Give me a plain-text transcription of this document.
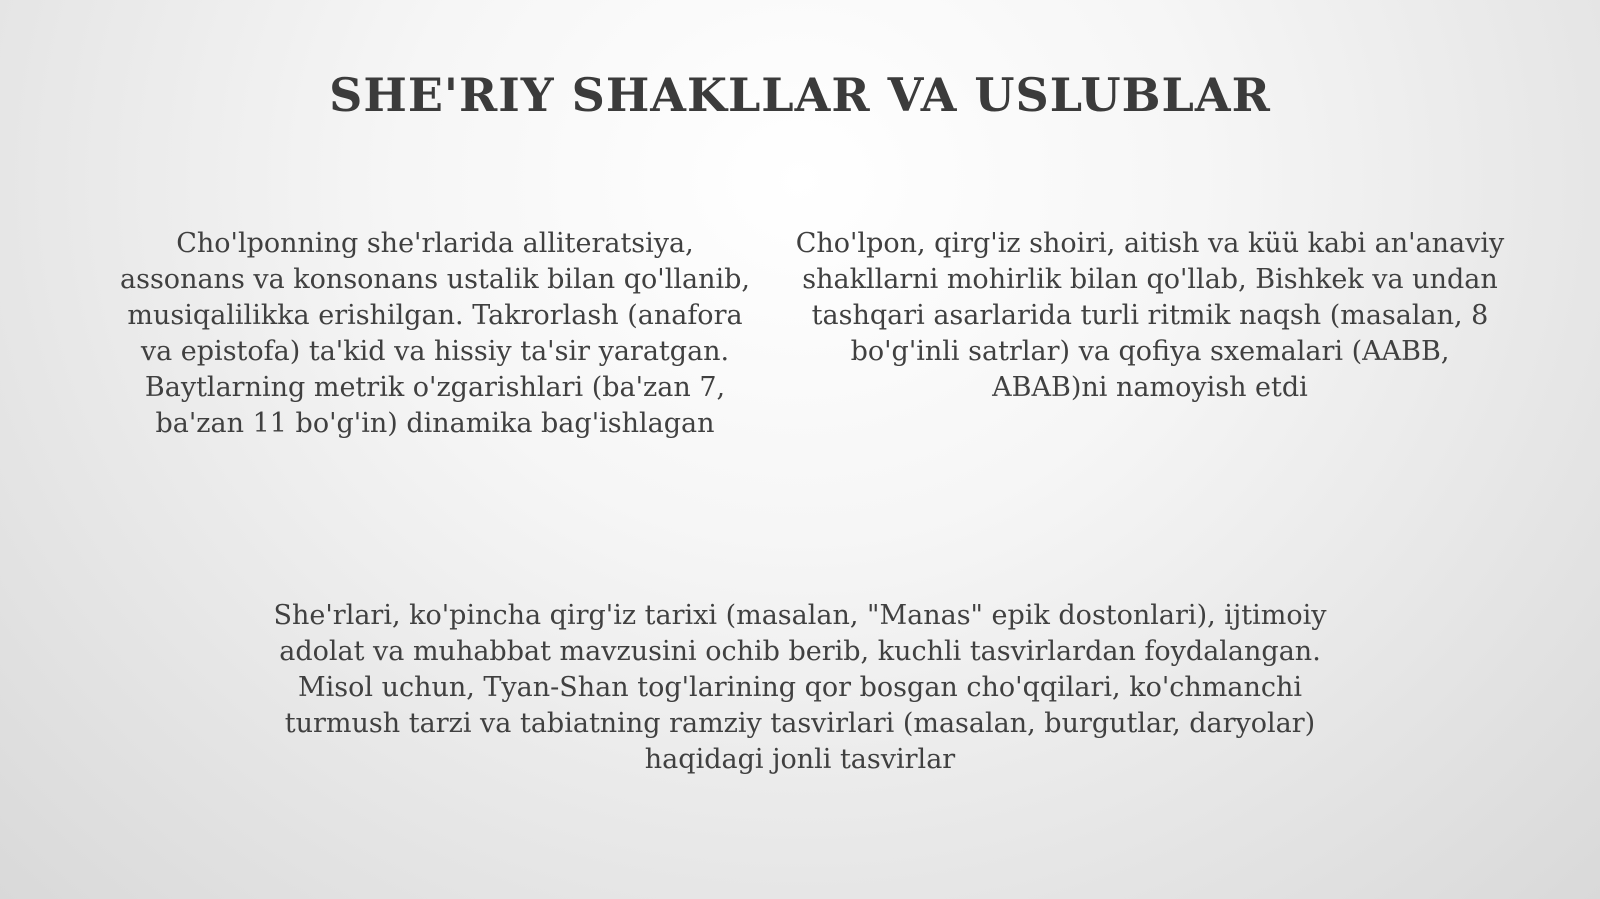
SHE'RIY SHAKLLAR VA USLUBLAR

Cho'lponning she'rlarida alliteratsiya, assonans va konsonans ustalik bilan qo'llanib, musiqalilikka erishilgan. Takrorlash (anafora va epistofa) ta'kid va hissiy ta'sir yaratgan. Baytlarning metrik o'zgarishlari (ba'zan 7, ba'zan 11 bo'g'in) dinamika bag'ishlagan

Cho'lpon, qirg'iz shoiri, aitish va küü kabi an'anaviy shakllarni mohirlik bilan qo'llab, Bishkek va undan tashqari asarlarida turli ritmik naqsh (masalan, 8 bo'g'inli satrlar) va qofiya sxemalari (AABB, ABAB)ni namoyish etdi

She'rlari, ko'pincha qirg'iz tarixi (masalan, "Manas" epik dostonlari), ijtimoiy adolat va muhabbat mavzusini ochib berib, kuchli tasvirlardan foydalangan. Misol uchun, Tyan-Shan tog'larining qor bosgan cho'qqilari, ko'chmanchi turmush tarzi va tabiatning ramziy tasvirlari (masalan, burgutlar, daryolar) haqidagi jonli tasvirlar
